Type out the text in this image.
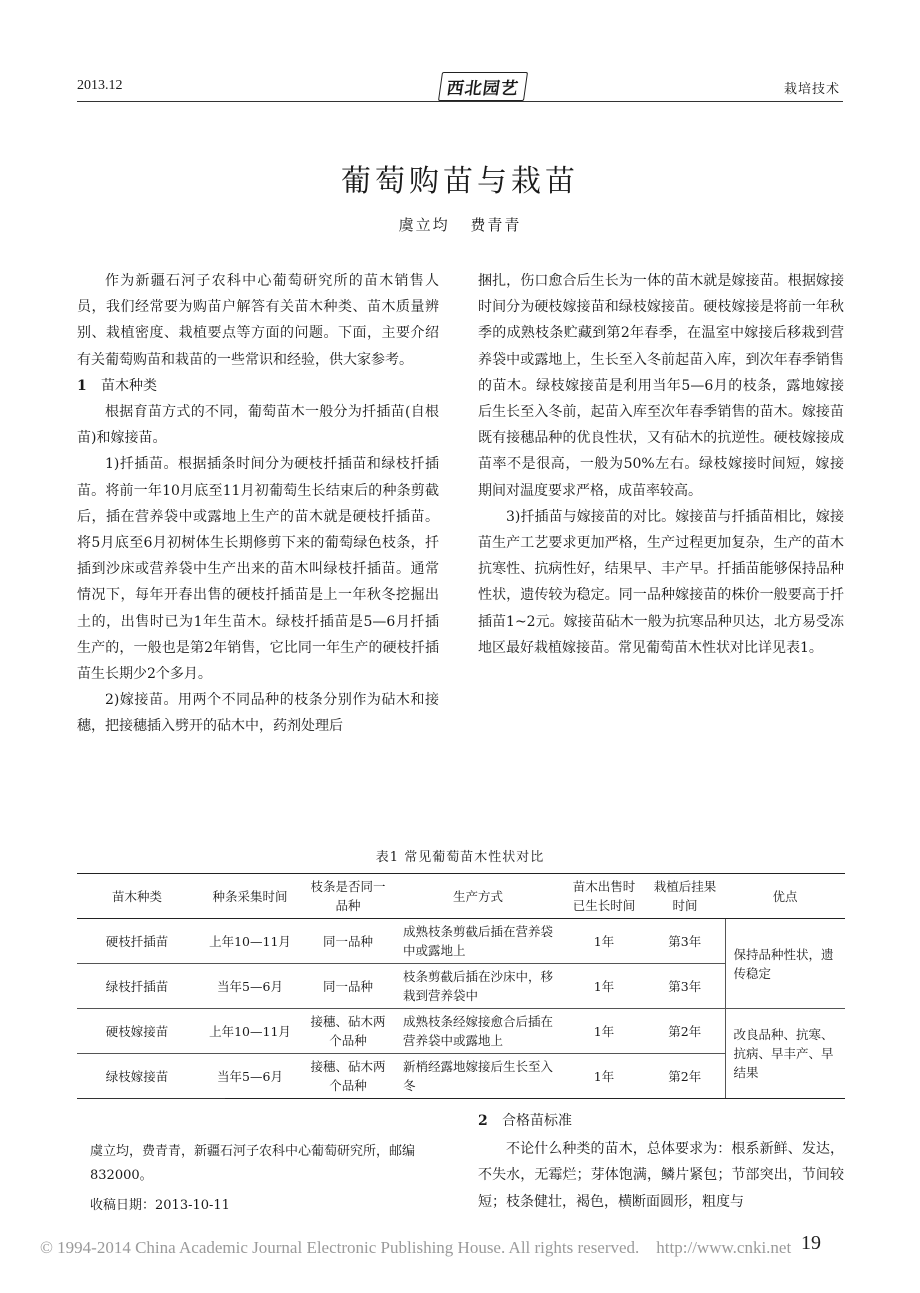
2013.12	西北园艺	栽培技术
葡萄购苗与栽苗
虞立均 费青青

作为新疆石河子农科中心葡萄研究所的苗木销售人员，我们经常要为购苗户解答有关苗木种类、苗木质量辨别、栽植密度、栽植要点等方面的问题。下面，主要介绍有关葡萄购苗和栽苗的一些常识和经验，供大家参考。

1 苗木种类

根据育苗方式的不同，葡萄苗木一般分为扦插苗(自根苗)和嫁接苗。

1)扦插苗。根据插条时间分为硬枝扦插苗和绿枝扦插苗。将前一年10月底至11月初葡萄生长结束后的种条剪截后，插在营养袋中或露地上生产的苗木就是硬枝扦插苗。将5月底至6月初树体生长期修剪下来的葡萄绿色枝条，扦插到沙床或营养袋中生产出来的苗木叫绿枝扦插苗。通常情况下，每年开春出售的硬枝扦插苗是上一年秋冬挖掘出土的，出售时已为1年生苗木。绿枝扦插苗是5—6月扦插生产的，一般也是第2年销售，它比同一年生产的硬枝扦插苗生长期少2个多月。

2)嫁接苗。用两个不同品种的枝条分别作为砧木和接穗，把接穗插入劈开的砧木中，药剂处理后

捆扎，伤口愈合后生长为一体的苗木就是嫁接苗。根据嫁接时间分为硬枝嫁接苗和绿枝嫁接苗。硬枝嫁接是将前一年秋季的成熟枝条贮藏到第2年春季，在温室中嫁接后移栽到营养袋中或露地上，生长至入冬前起苗入库，到次年春季销售的苗木。绿枝嫁接苗是利用当年5—6月的枝条，露地嫁接后生长至入冬前，起苗入库至次年春季销售的苗木。嫁接苗既有接穗品种的优良性状，又有砧木的抗逆性。硬枝嫁接成苗率不是很高，一般为50%左右。绿枝嫁接时间短，嫁接期间对温度要求严格，成苗率较高。

3)扦插苗与嫁接苗的对比。嫁接苗与扦插苗相比，嫁接苗生产工艺要求更加严格，生产过程更加复杂，生产的苗木抗寒性、抗病性好，结果早、丰产早。扦插苗能够保持品种性状，遗传较为稳定。同一品种嫁接苗的株价一般要高于扦插苗1~2元。嫁接苗砧木一般为抗寒品种贝达，北方易受冻地区最好栽植嫁接苗。常见葡萄苗木性状对比详见表1。

表1 常见葡萄苗木性状对比
苗木种类	种条采集时间	枝条是否同一品种	生产方式	苗木出售时已生长时间	栽植后挂果时间	优点
硬枝扦插苗	上年10—11月	同一品种	成熟枝条剪截后插在营养袋中或露地上	1年	第3年	保持品种性状，遗传稳定
绿枝扦插苗	当年5—6月	同一品种	枝条剪截后插在沙床中，移栽到营养袋中	1年	第3年	
硬枝嫁接苗	上年10—11月	接穗、砧木两个品种	成熟枝条经嫁接愈合后插在营养袋中或露地上	1年	第2年	改良品种、抗寒、抗病、早丰产、早结果
绿枝嫁接苗	当年5—6月	接穗、砧木两个品种	新梢经露地嫁接后生长至入冬	1年	第2年	
虞立均，费青青，新疆石河子农科中心葡萄研究所，邮编832000。
收稿日期：2013-10-11
2 合格苗标准

不论什么种类的苗木，总体要求为：根系新鲜、发达，不失水，无霉烂；芽体饱满，鳞片紧包；节部突出，节间较短；枝条健壮，褐色，横断面圆形，粗度与

© 1994-2014 China Academic Journal Electronic Publishing House. All rights reserved.    http://www.cnki.net 19
